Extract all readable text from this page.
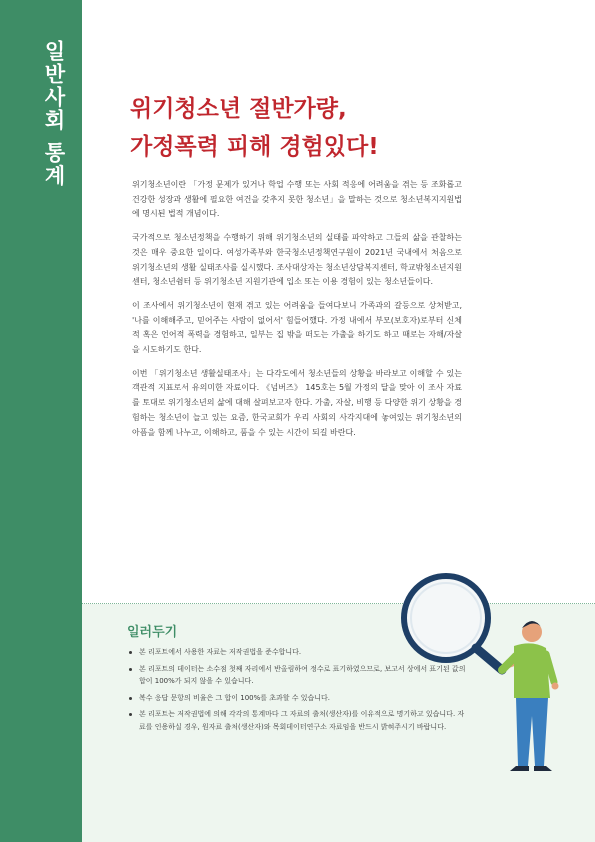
일반사회 통계	위기청소년 절반가량,
가정폭력 피해 경험있다!

위기청소년이란 「가정 문제가 있거나 학업 수행 또는 사회 적응에 어려움을 겪는 등 조화롭고 건강한 성장과 생활에 필요한 여건을 갖추지 못한 청소년」을 말하는 것으로 청소년복지지원법에 명시된 법적 개념이다.

국가적으로 청소년정책을 수행하기 위해 위기청소년의 실태를 파악하고 그들의 삶을 관찰하는 것은 매우 중요한 일이다. 여성가족부와 한국청소년정책연구원이 2021년 국내에서 처음으로 위기청소년의 생활 실태조사를 실시했다. 조사대상자는 청소년상담복지센터, 학교밖청소년지원센터, 청소년쉼터 등 위기청소년 지원기관에 입소 또는 이용 경험이 있는 청소년들이다.

이 조사에서 위기청소년이 현재 겪고 있는 어려움을 들여다보니 가족과의 갈등으로 상처받고, '나를 이해해주고, 믿어주는 사람이 없어서' 힘들어했다. 가정 내에서 부모(보호자)로부터 신체적 혹은 언어적 폭력을 경험하고, 일부는 집 밖을 떠도는 가출을 하기도 하고 때로는 자해/자살을 시도하기도 한다.

이번 「위기청소년 생활실태조사」는 다각도에서 청소년들의 상황을 바라보고 이해할 수 있는 객관적 지표로서 유의미한 자료이다. 《넘버즈》 145호는 5월 가정의 달을 맞아 이 조사 자료를 토대로 위기청소년의 삶에 대해 살펴보고자 한다. 가출, 자살, 비행 등 다양한 위기 상황을 경험하는 청소년이 늘고 있는 요즘, 한국교회가 우리 사회의 사각지대에 놓여있는 위기청소년의 아픔을 함께 나누고, 이해하고, 품을 수 있는 시간이 되길 바란다.

일러두기
본 리포트에서 사용한 자료는 저작권법을 준수합니다.
본 리포트의 데이터는 소수점 첫째 자리에서 반올림하여 정수로 표기하였으므로, 보고서 상에서 표기된 값의 합이 100%가 되지 않을 수 있습니다.
복수 응답 문항의 비율은 그 합이 100%를 초과할 수 있습니다.
본 리포트는 저작권법에 의해 각각의 통계마다 그 자료의 출처(생산자)를 이유적으로 명기하고 있습니다. 자료를 인용하실 경우, 원자료 출처(생산자)와 목회데이터연구소 자료임을 반드시 밝혀주시기 바랍니다.
